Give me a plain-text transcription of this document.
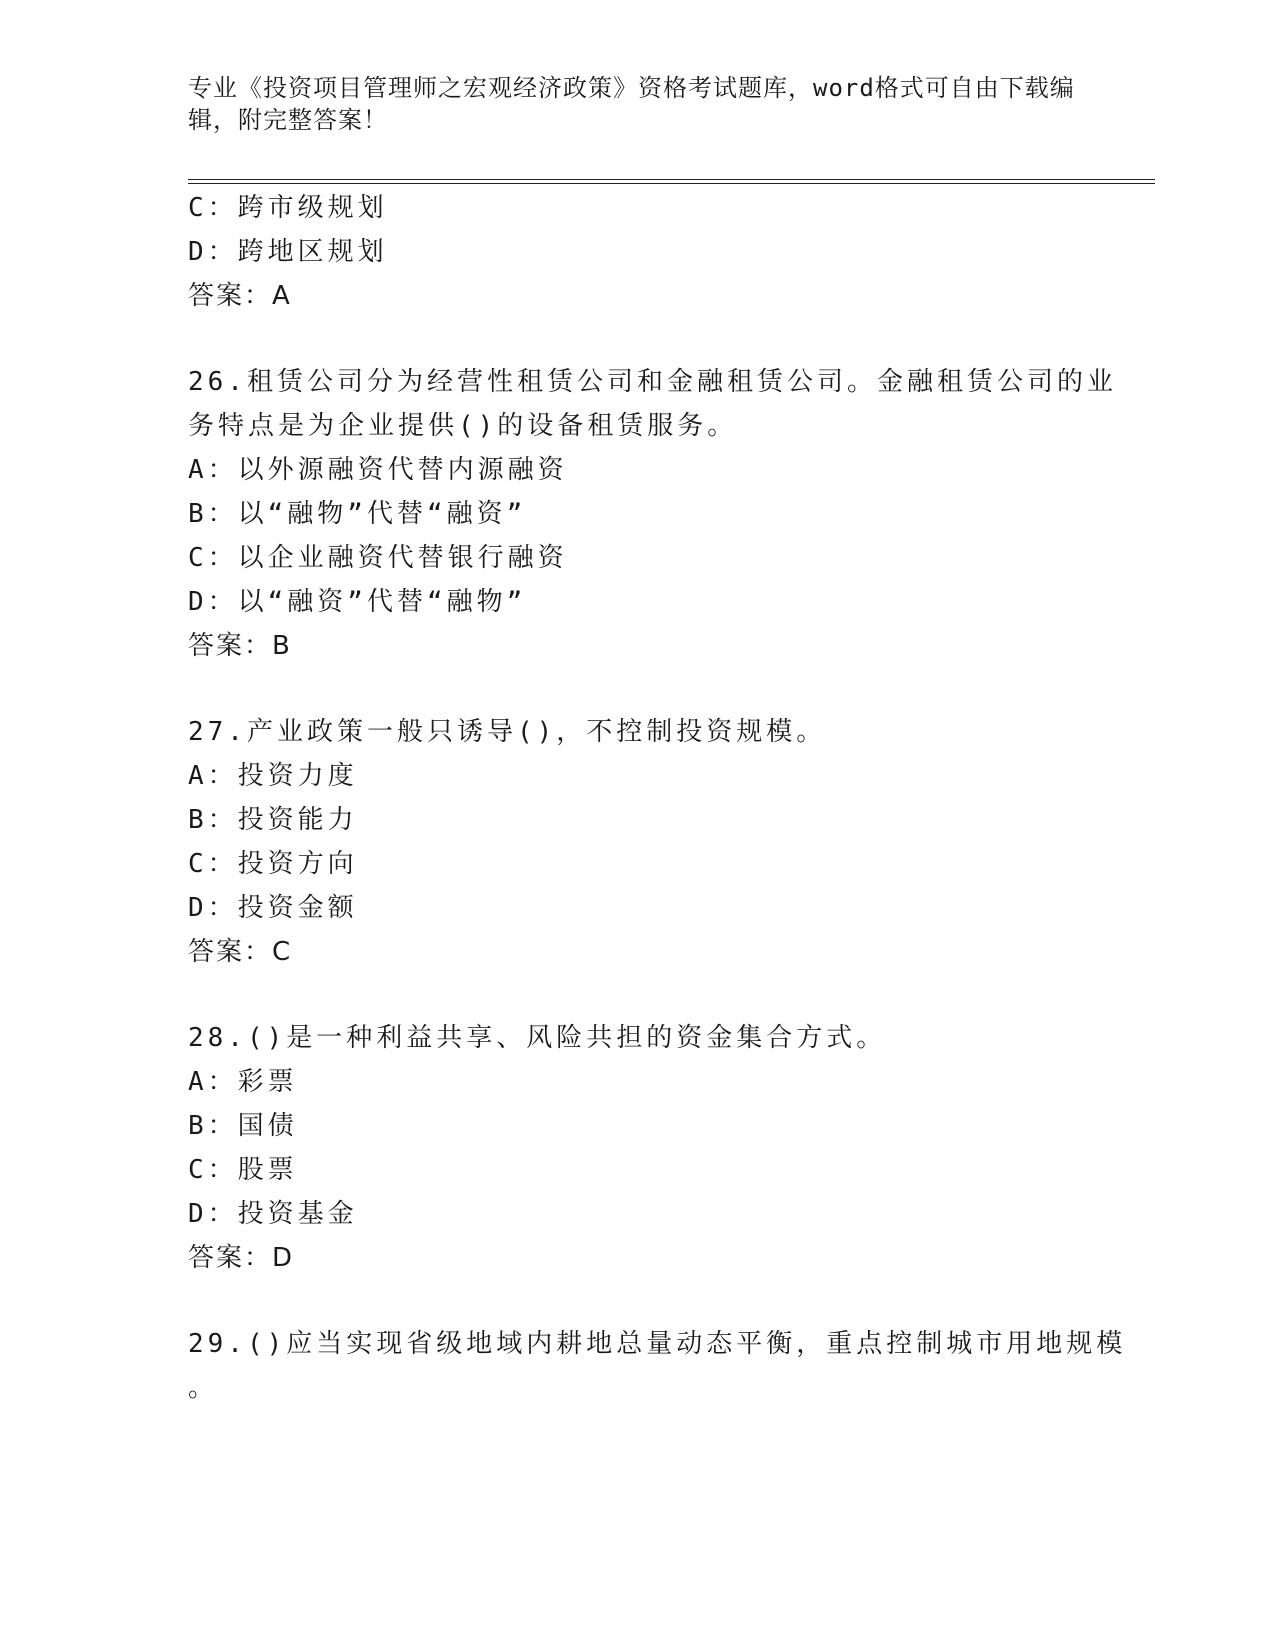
专业《投资项目管理师之宏观经济政策》资格考试题库，word格式可自由下载编
辑，附完整答案！
C：跨市级规划
D：跨地区规划
答案：A
26.租赁公司分为经营性租赁公司和金融租赁公司。金融租赁公司的业
务特点是为企业提供()的设备租赁服务。
A：以外源融资代替内源融资
B：以“融物”代替“融资”
C：以企业融资代替银行融资
D：以“融资”代替“融物”
答案：B
27.产业政策一般只诱导()，不控制投资规模。
A：投资力度
B：投资能力
C：投资方向
D：投资金额
答案：C
28.()是一种利益共享、风险共担的资金集合方式。
A：彩票
B：国债
C：股票
D：投资基金
答案：D
29.()应当实现省级地域内耕地总量动态平衡，重点控制城市用地规模
。
